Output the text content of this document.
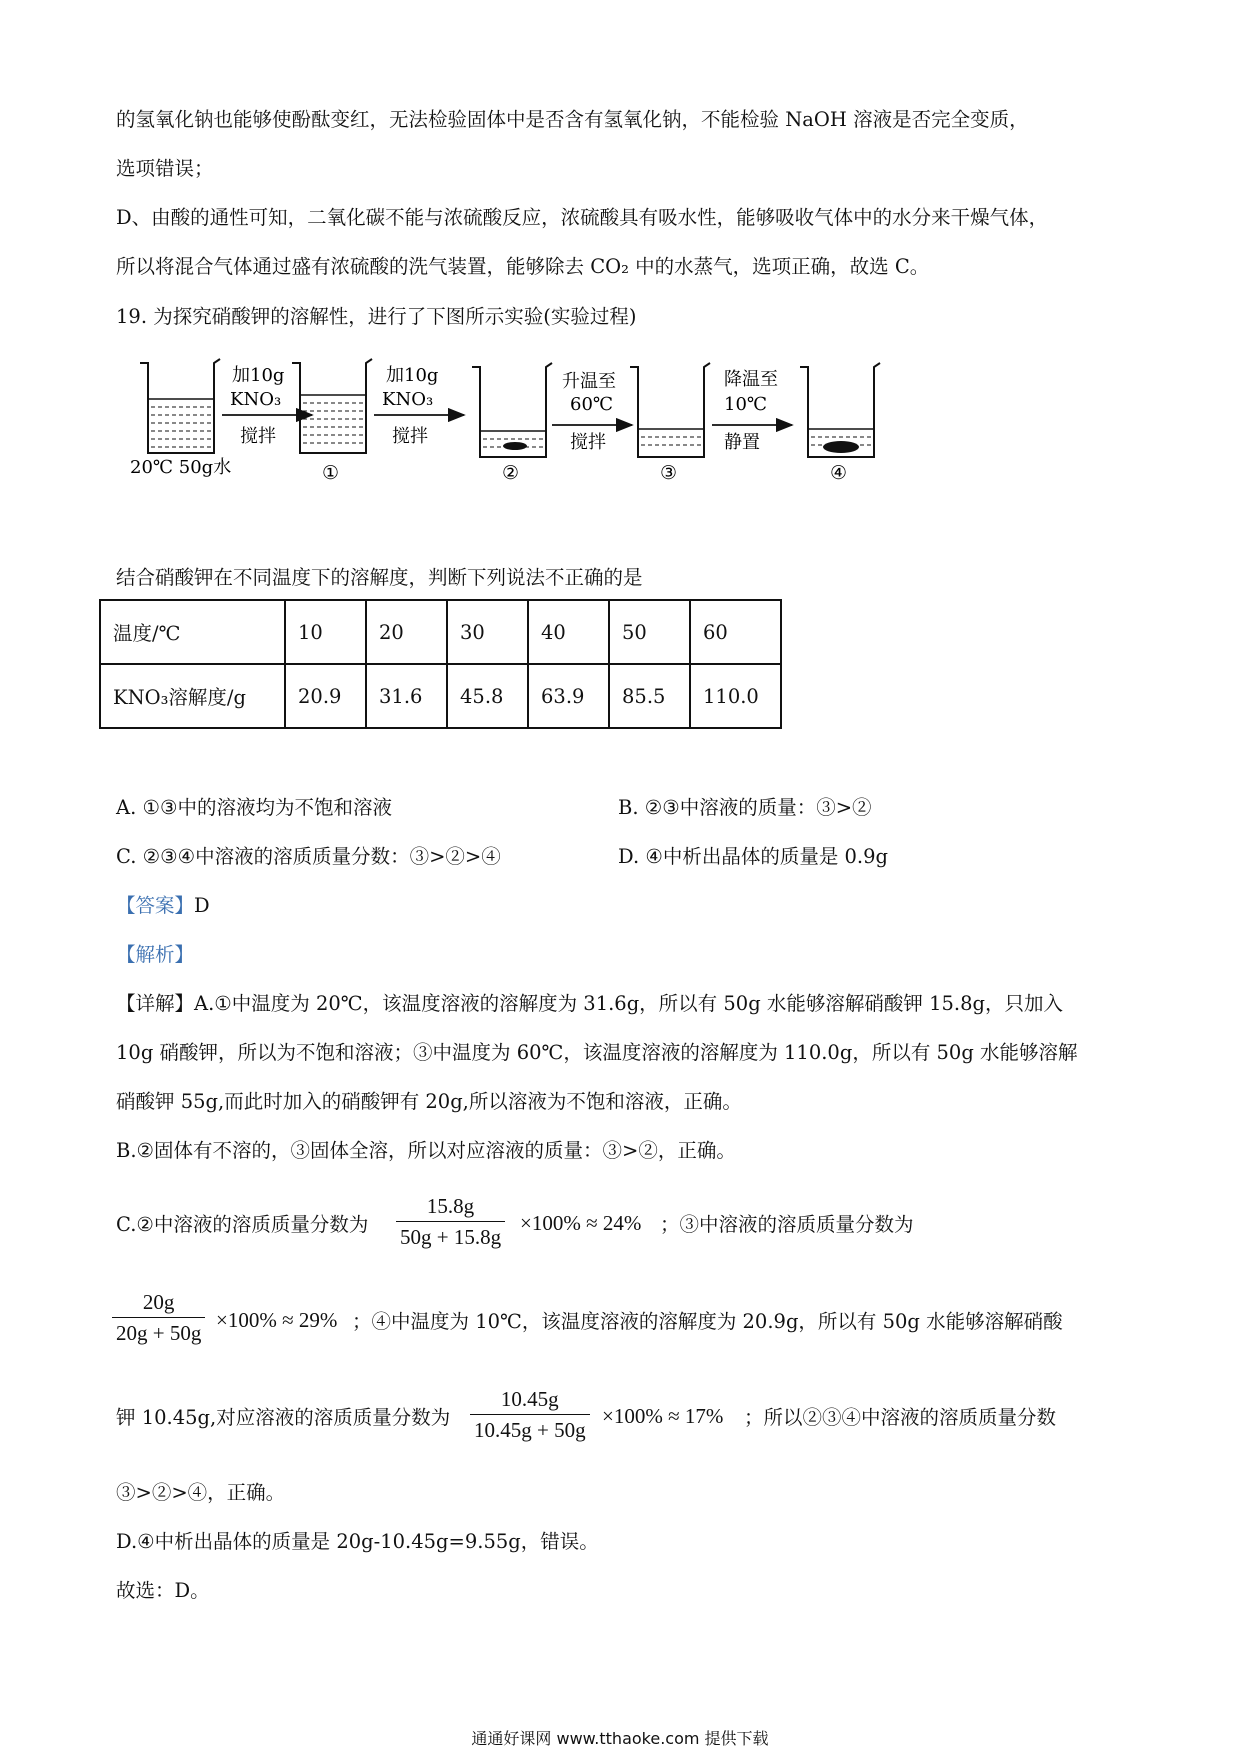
的氢氧化钠也能够使酚酞变红，无法检验固体中是否含有氢氧化钠，不能检验 NaOH 溶液是否完全变质，
选项错误；
D、由酸的通性可知，二氧化碳不能与浓硫酸反应，浓硫酸具有吸水性，能够吸收气体中的水分来干燥气体，
所以将混合气体通过盛有浓硫酸的洗气装置，能够除去 CO₂ 中的水蒸气，选项正确，故选 C。
19. 为探究硝酸钾的溶解性，进行了下图所示实验(实验过程)
20℃ 50g水
加10g
KNO₃
搅拌
①
加10g
KNO₃
搅拌
②
升温至
60℃
搅拌
③
降温至
10℃
静置
④
结合硝酸钾在不同温度下的溶解度，判断下列说法不正确的是
温度/℃	10	20	30	40	50	60
KNO₃溶解度/g	20.9	31.6	45.8	63.9	85.5	110.0
A. ①③中的溶液均为不饱和溶液	B. ②③中溶液的质量：③>②
C. ②③④中溶液的溶质质量分数：③>②>④	D. ④中析出晶体的质量是 0.9g
【答案】D
【解析】
【详解】A.①中温度为 20℃，该温度溶液的溶解度为 31.6g，所以有 50g 水能够溶解硝酸钾 15.8g，只加入
10g 硝酸钾，所以为不饱和溶液；③中温度为 60℃，该温度溶液的溶解度为 110.0g，所以有 50g 水能够溶解
硝酸钾 55g,而此时加入的硝酸钾有 20g,所以溶液为不饱和溶液，正确。
B.②固体有不溶的，③固体全溶，所以对应溶液的质量：③>②，正确。
C.②中溶液的溶质质量分数为 $\frac{15.8g}{50g + 15.8g} \times 100\% \approx 24\%$ ；③中溶液的溶质质量分数为
$\frac{20g}{20g + 50g} \times 100\% \approx 29\%$ ；④中温度为 10℃，该温度溶液的溶解度为 20.9g，所以有 50g 水能够溶解硝酸
钾 10.45g,对应溶液的溶质质量分数为 $\frac{10.45g}{10.45g + 50g} \times 100\% \approx 17\%$ ；所以②③④中溶液的溶质质量分数
③>②>④，正确。
D.④中析出晶体的质量是 20g-10.45g=9.55g，错误。
故选：D。
通通好课网 www.tthaoke.com 提供下载
